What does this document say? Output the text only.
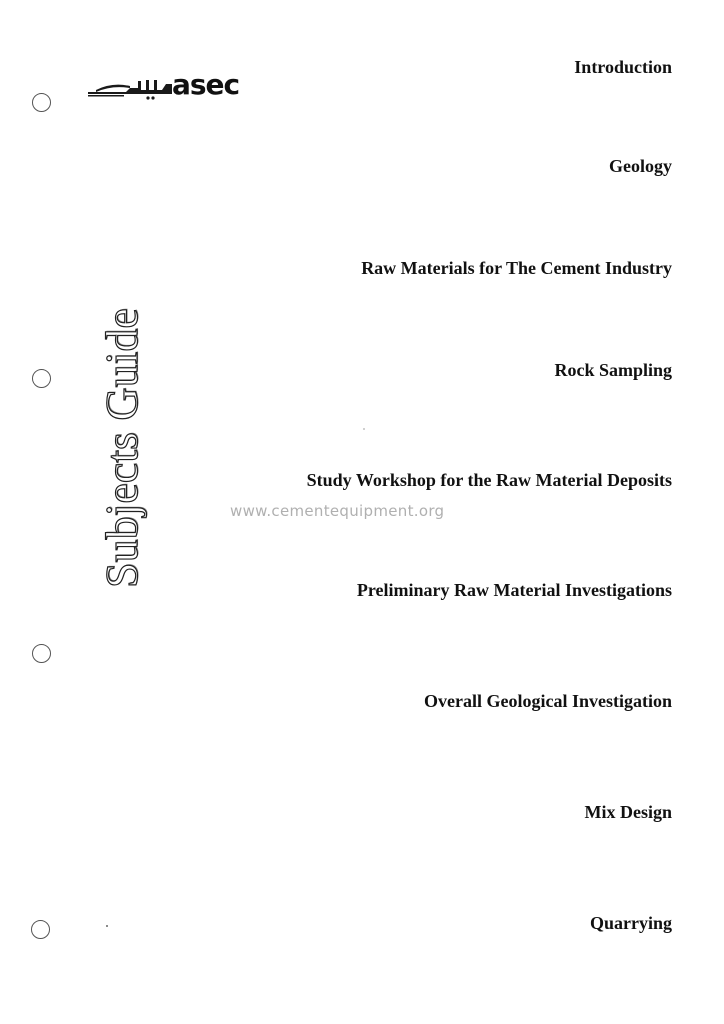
asec
Subjects Guide
Introduction
Geology
Raw Materials for The Cement Industry
Rock Sampling
Study Workshop for the Raw Material Deposits
Preliminary Raw Material Investigations
Overall Geological Investigation
Mix Design
Quarrying
www.cementequipment.org
